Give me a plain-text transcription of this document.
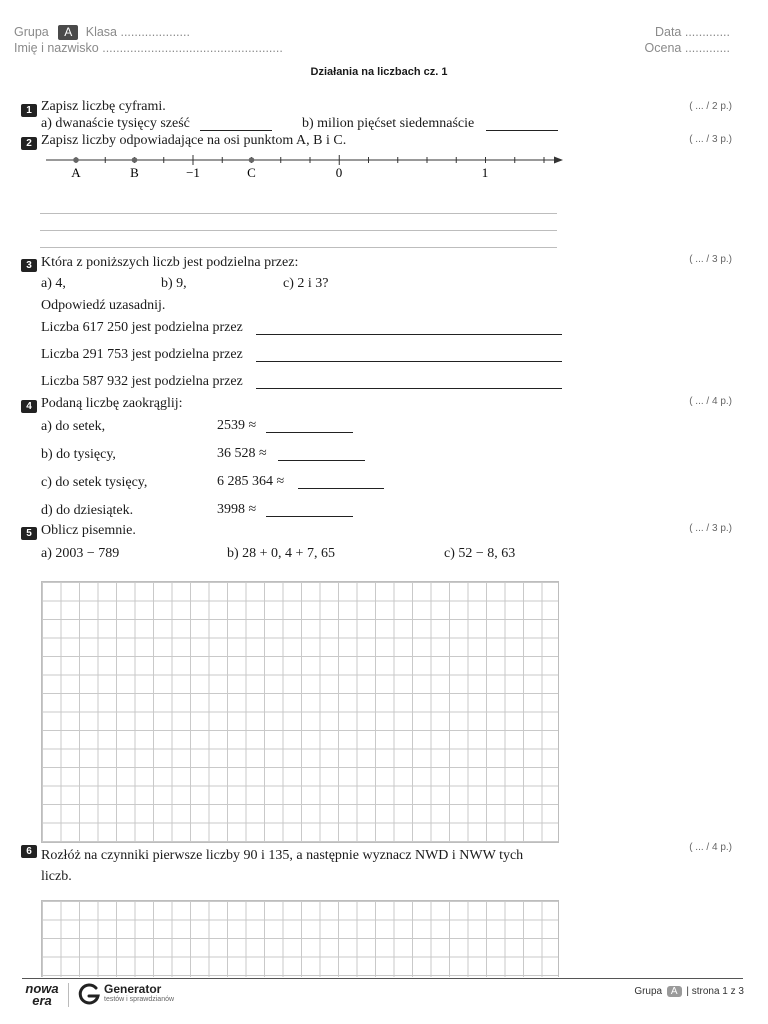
Grupa A Klasa ....................
Imię i nazwisko ....................................................
Data .............
Ocena .............
Działania na liczbach cz. 1
1 Zapisz liczbę cyframi.	( ... / 2 p.)
a) dwanaście tysięcy sześć	b) milion pięćset siedemnaście
2 Zapisz liczby odpowiadające na osi punktom A, B i C.	( ... / 3 p.)
A	B	−1	C	0	1
3 Która z poniższych liczb jest podzielna przez:	( ... / 3 p.)
a) 4,	b) 9,	c) 2 i 3?
Odpowiedź uzasadnij.
Liczba 617 250 jest podzielna przez
Liczba 291 753 jest podzielna przez
Liczba 587 932 jest podzielna przez
4 Podaną liczbę zaokrąglij:	( ... / 4 p.)
a) do setek,	2539 ≈
b) do tysięcy,	36 528 ≈
c) do setek tysięcy,	6 285 364 ≈
d) do dziesiątek.	3998 ≈
5 Oblicz pisemnie.	( ... / 3 p.)
a) 2003 − 789	b) 28 + 0, 4 + 7, 65	c) 52 − 8, 63
6 Rozłóż na czynniki pierwsze liczby 90 i 135, a następnie wyznacz NWD i NWW tych
liczb.
( ... / 4 p.)
nowa era
Generator
testów i sprawdzianów
Grupa A | strona 1 z 3
